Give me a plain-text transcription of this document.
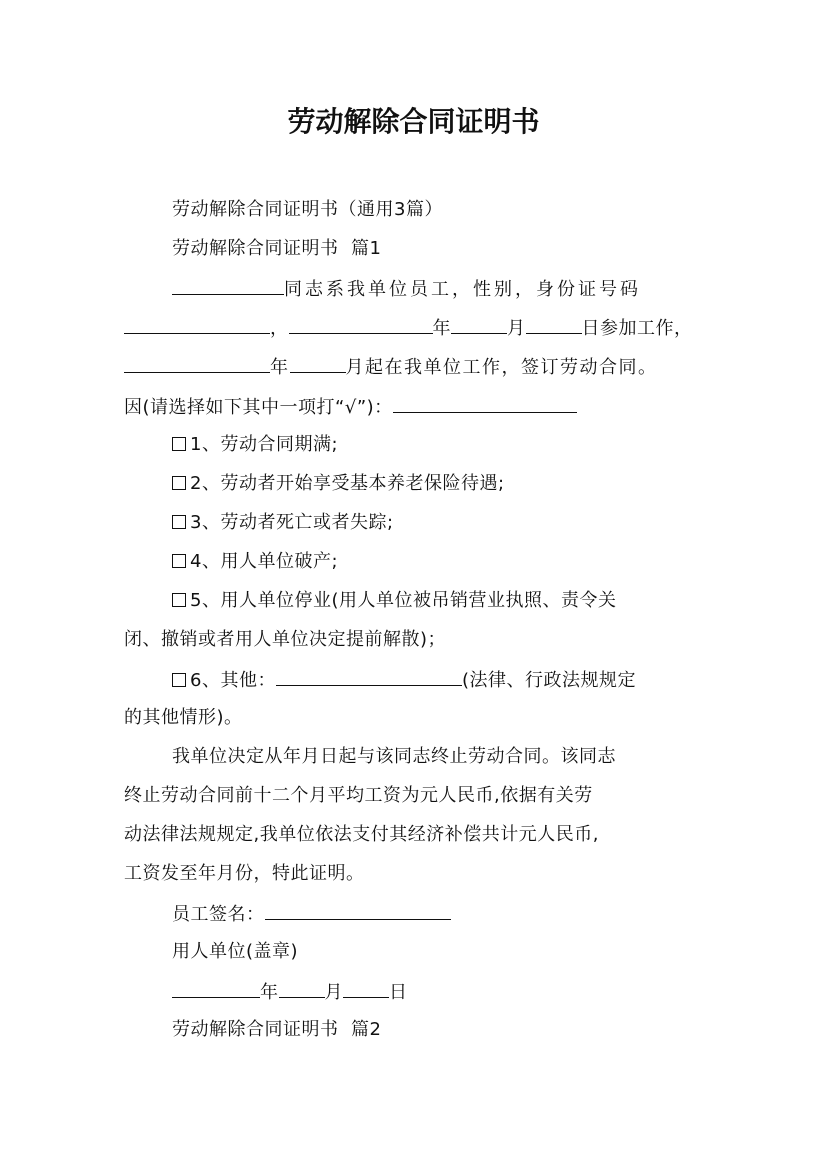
劳动解除合同证明书
劳动解除合同证明书（通用3篇）
劳动解除合同证明书  篇1
同志系我单位员工，性别，身份证号码
，	年	月	日参加工作，
年	月起在我单位工作，签订劳动合同。
因(请选择如下其中一项打“√”)：
1、劳动合同期满;
2、劳动者开始享受基本养老保险待遇;
3、劳动者死亡或者失踪;
4、用人单位破产;
5、用人单位停业(用人单位被吊销营业执照、责令关
闭、撤销或者用人单位决定提前解散)；
6、其他：	(法律、行政法规规定
的其他情形)。
我单位决定从年月日起与该同志终止劳动合同。该同志
终止劳动合同前十二个月平均工资为元人民币,依据有关劳
动法律法规规定,我单位依法支付其经济补偿共计元人民币,
工资发至年月份，特此证明。
员工签名：
用人单位(盖章)
年	月	日
劳动解除合同证明书  篇2
